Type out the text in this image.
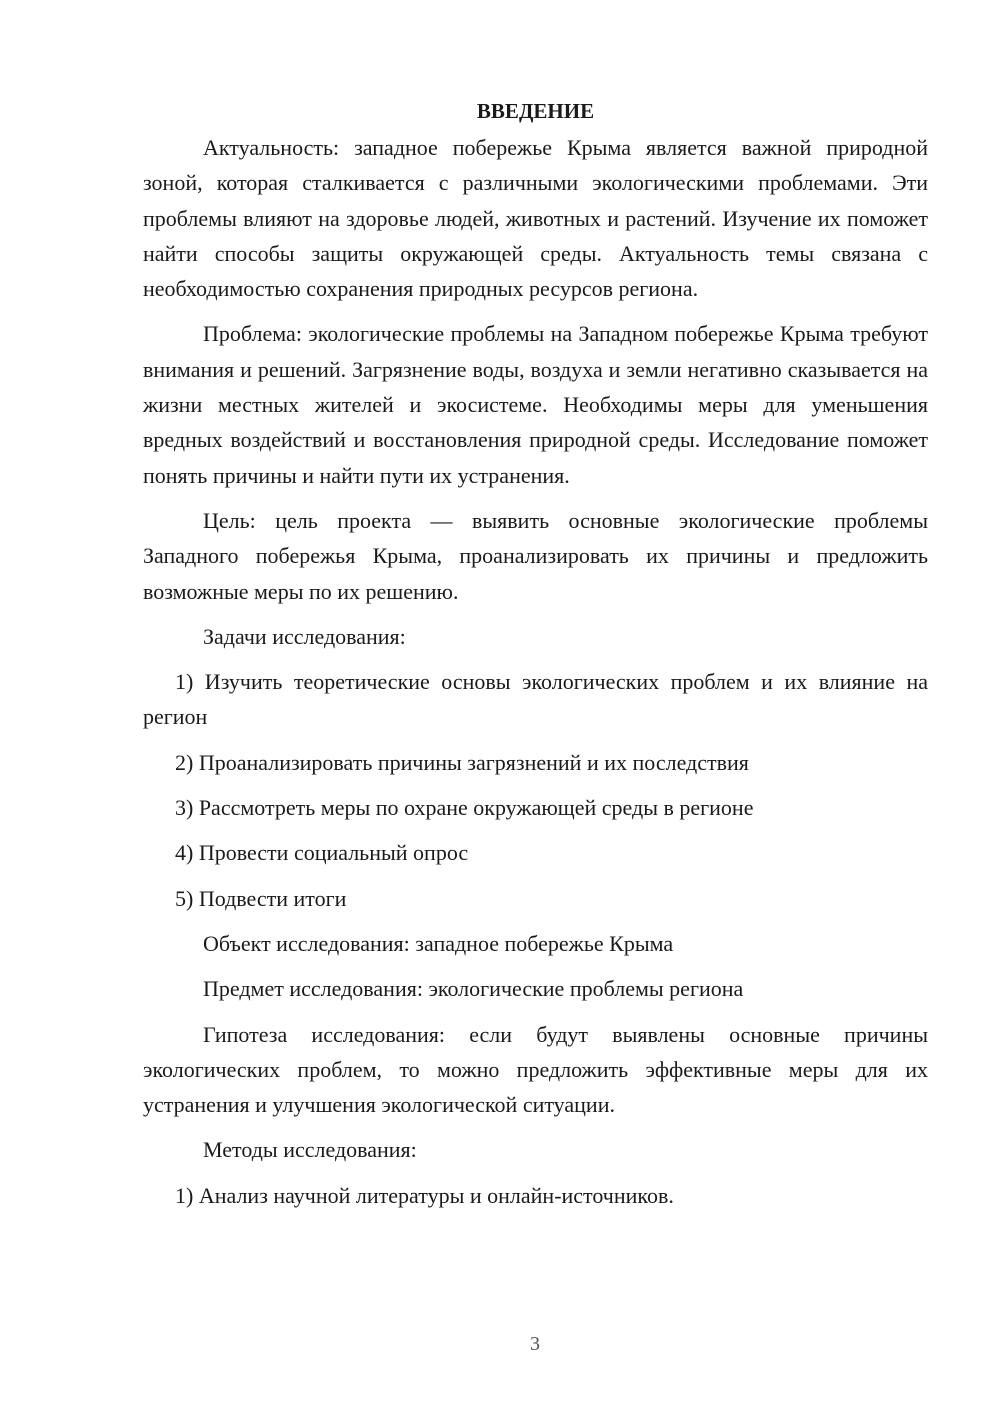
ВВЕДЕНИЕ

Актуальность: западное побережье Крыма является важной природной зоной, которая сталкивается с различными экологическими проблемами. Эти проблемы влияют на здоровье людей, животных и растений. Изучение их поможет найти способы защиты окружающей среды. Актуальность темы связана с необходимостью сохранения природных ресурсов региона.

Проблема: экологические проблемы на Западном побережье Крыма требуют внимания и решений. Загрязнение воды, воздуха и земли негативно сказывается на жизни местных жителей и экосистеме. Необходимы меры для уменьшения вредных воздействий и восстановления природной среды. Исследование поможет понять причины и найти пути их устранения.

Цель: цель проекта — выявить основные экологические проблемы Западного побережья Крыма, проанализировать их причины и предложить возможные меры по их решению.

Задачи исследования:

1) Изучить теоретические основы экологических проблем и их влияние на регион

2) Проанализировать причины загрязнений и их последствия

3) Рассмотреть меры по охране окружающей среды в регионе

4) Провести социальный опрос

5) Подвести итоги

Объект исследования: западное побережье Крыма

Предмет исследования: экологические проблемы региона

Гипотеза исследования: если будут выявлены основные причины экологических проблем, то можно предложить эффективные меры для их устранения и улучшения экологической ситуации.

Методы исследования:

1) Анализ научной литературы и онлайн-источников.

3
